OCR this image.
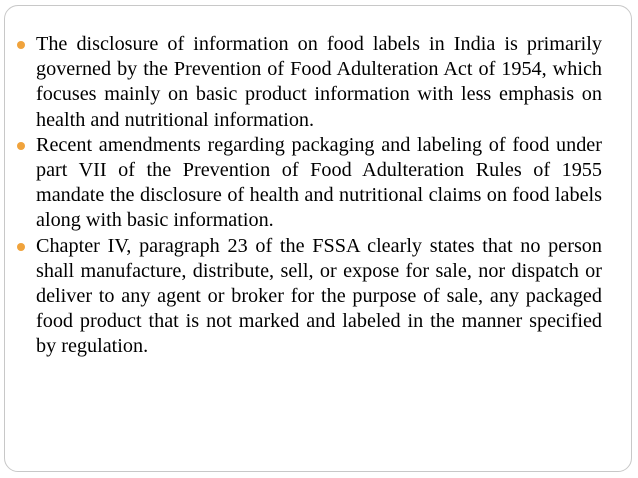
The disclosure of information on food labels in India is primarily governed by the Prevention of Food Adulteration Act of 1954, which focuses mainly on basic product information with less emphasis on health and nutritional information.
Recent amendments regarding packaging and labeling of food under part VII of the Prevention of Food Adulteration Rules of 1955 mandate the disclosure of health and nutritional claims on food labels along with basic information.
Chapter IV, paragraph 23 of the FSSA clearly states that no person shall manufacture, distribute, sell, or expose for sale, nor dispatch or deliver to any agent or broker for the purpose of sale, any packaged food product that is not marked and labeled in the manner specified by regulation.
